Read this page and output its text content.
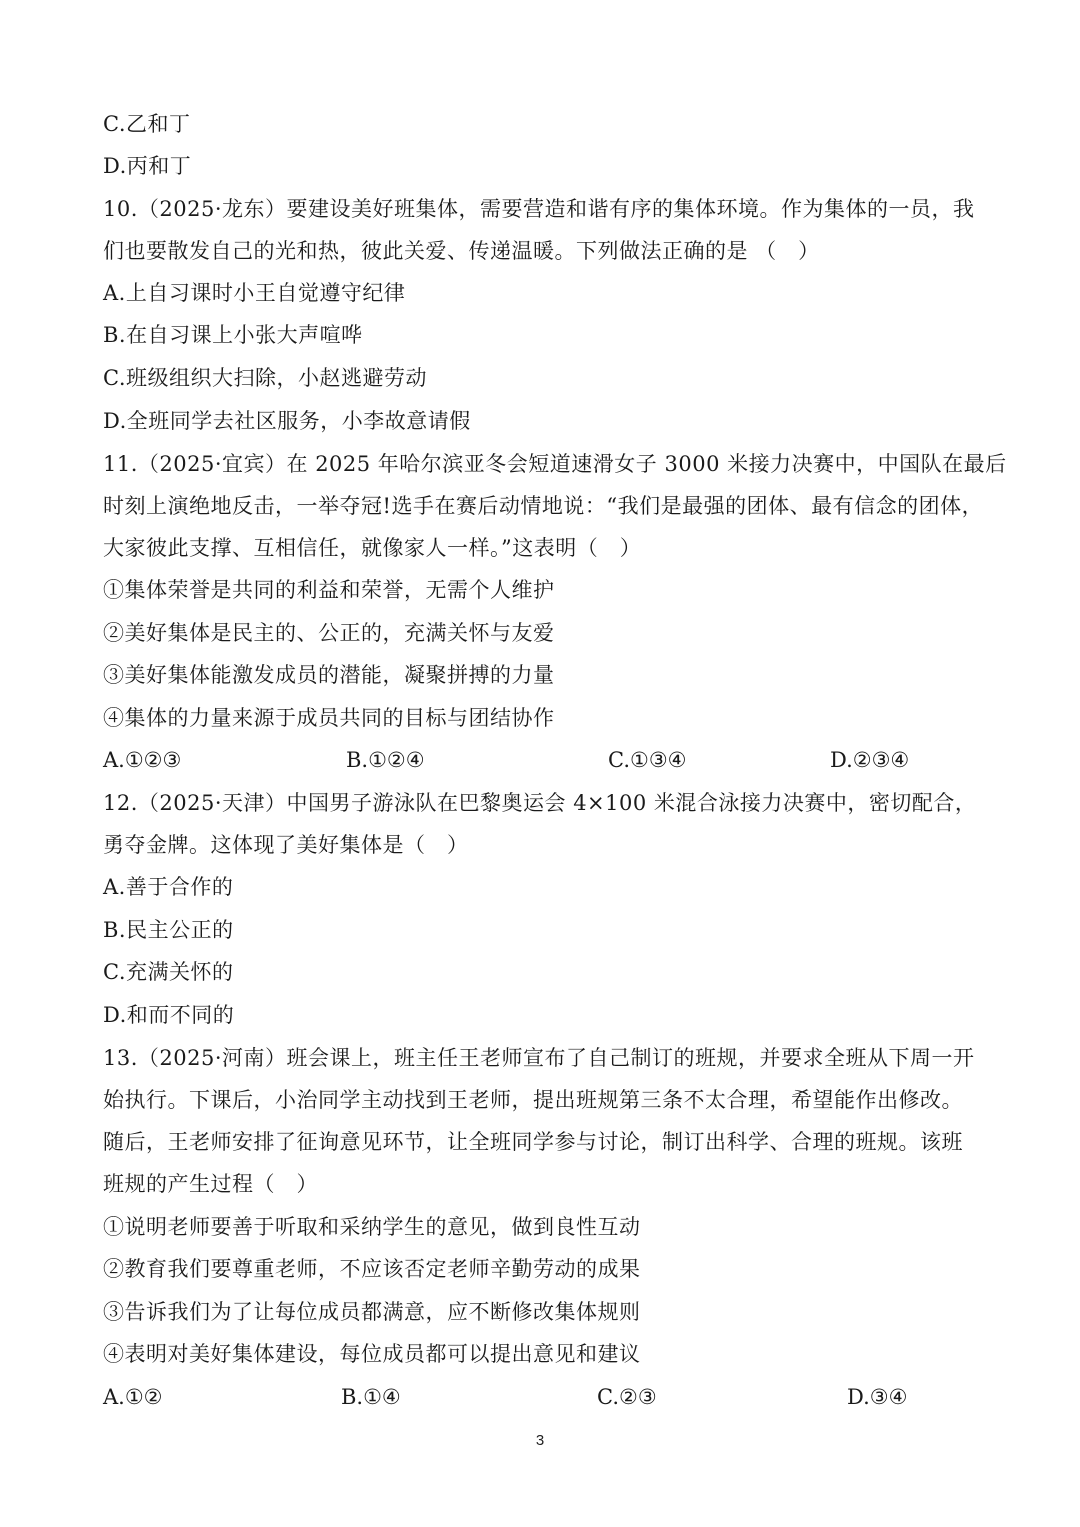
C.乙和丁
D.丙和丁
10.（2025·龙东）要建设美好班集体，需要营造和谐有序的集体环境。作为集体的一员，我
们也要散发自己的光和热，彼此关爱、传递温暖。下列做法正确的是 （　）
A.上自习课时小王自觉遵守纪律
B.在自习课上小张大声喧哗
C.班级组织大扫除，小赵逃避劳动
D.全班同学去社区服务，小李故意请假
11.（2025·宜宾）在 2025 年哈尔滨亚冬会短道速滑女子 3000 米接力决赛中，中国队在最后
时刻上演绝地反击，一举夺冠!选手在赛后动情地说：“我们是最强的团体、最有信念的团体，
大家彼此支撑、互相信任，就像家人一样。”这表明（　）
①集体荣誉是共同的利益和荣誉，无需个人维护
②美好集体是民主的、公正的，充满关怀与友爱
③美好集体能激发成员的潜能，凝聚拼搏的力量
④集体的力量来源于成员共同的目标与团结协作
A.①②③	B.①②④	C.①③④	D.②③④
12.（2025·天津）中国男子游泳队在巴黎奥运会 4×100 米混合泳接力决赛中，密切配合，
勇夺金牌。这体现了美好集体是（　）
A.善于合作的
B.民主公正的
C.充满关怀的
D.和而不同的
13.（2025·河南）班会课上，班主任王老师宣布了自己制订的班规，并要求全班从下周一开
始执行。下课后，小治同学主动找到王老师，提出班规第三条不太合理，希望能作出修改。
随后，王老师安排了征询意见环节，让全班同学参与讨论，制订出科学、合理的班规。该班
班规的产生过程（　）
①说明老师要善于听取和采纳学生的意见，做到良性互动
②教育我们要尊重老师，不应该否定老师辛勤劳动的成果
③告诉我们为了让每位成员都满意，应不断修改集体规则
④表明对美好集体建设，每位成员都可以提出意见和建议
A.①②	B.①④	C.②③	D.③④
3
